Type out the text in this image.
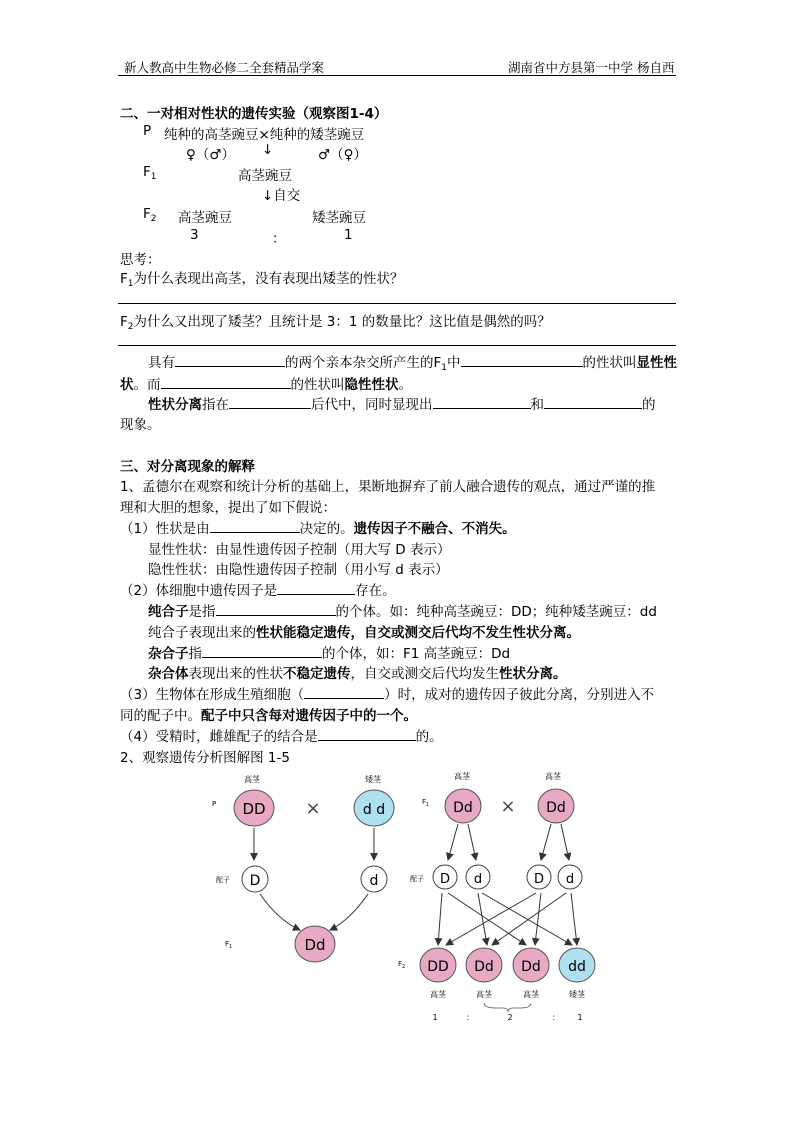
新人教高中生物必修二全套精品学案	湖南省中方县第一中学 杨自西
二、一对相对性状的遗传实验（观察图1-4）
P 纯种的高茎豌豆×纯种的矮茎豌豆
♀（♂） ↓	♂（♀）
$F_1$	高茎豌豆
↓自交
$F_2$ 高茎豌豆	矮茎豌豆
3	：	1
思考：
$F_1$为什么表现出高茎，没有表现出矮茎的性状？
$F_2$为什么又出现了矮茎？且统计是 3：1 的数量比？这比值是偶然的吗？
具有	的两个亲本杂交所产生的$F_1$中	的性状叫显性性
状。而	的性状叫隐性性状。
性状分离指在	后代中，同时显现出	和	的
现象。
三、对分离现象的解释
1、孟德尔在观察和统计分析的基础上，果断地摒弃了前人融合遗传的观点，通过严谨的推
理和大胆的想象，提出了如下假说：
（1）性状是由	决定的。遗传因子不融合、不消失。
显性性状：由显性遗传因子控制（用大写 D 表示）
隐性性状：由隐性遗传因子控制（用小写 d 表示）
（2）体细胞中遗传因子是	存在。
纯合子是指	的个体。如：纯种高茎豌豆：DD；纯种矮茎豌豆：dd
纯合子表现出来的性状能稳定遗传，自交或测交后代均不发生性状分离。
杂合子指	的个体，如：F1 高茎豌豆：Dd
杂合体表现出来的性状不稳定遗传，自交或测交后代均发生性状分离。
（3）生物体在形成生殖细胞（	）时，成对的遗传因子彼此分离，分别进入不
同的配子中。配子中只含每对遗传因子中的一个。
（4）受精时，雌雄配子的结合是	的。
2、观察遗传分析图解图 1-5
高茎	矮茎
P DD ×	d d
配子 D	d
$F_1$	Dd
高茎	高茎
$F_1$ Dd × Dd
配子 D d	D d
$F_2$ DD Dd Dd dd
高茎	高茎	高茎	矮茎
1	：	2	： 1
